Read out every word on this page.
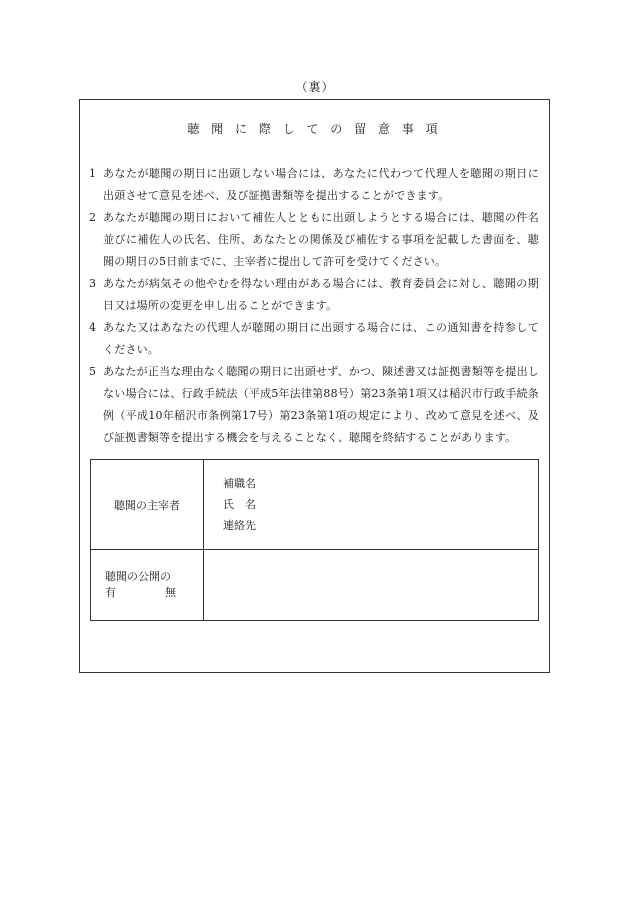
（裏）
聴 聞 に 際 し て の 留 意 事 項
1 あなたが聴聞の期日に出頭しない場合には、あなたに代わつて代理人を聴聞の期日に出頭させて意見を述べ、及び証拠書類等を提出することができます。
2 あなたが聴聞の期日において補佐人とともに出頭しようとする場合には、聴聞の件名並びに補佐人の氏名、住所、あなたとの関係及び補佐する事項を記載した書面を、聴聞の期日の5日前までに、主宰者に提出して許可を受けてください。
3 あなたが病気その他やむを得ない理由がある場合には、教育委員会に対し、聴聞の期日又は場所の変更を申し出ることができます。
4 あなた又はあなたの代理人が聴聞の期日に出頭する場合には、この通知書を持参してください。
5 あなたが正当な理由なく聴聞の期日に出頭せず、かつ、陳述書又は証拠書類等を提出しない場合には、行政手続法（平成5年法律第88号）第23条第1項又は稲沢市行政手続条例（平成10年稲沢市条例第17号）第23条第1項の規定により、改めて意見を述べ、及び証拠書類等を提出する機会を与えることなく、聴聞を終結することがあります。
聴聞の主宰者	補職名
氏　名
連絡先

聴聞の公開の
有 無	
